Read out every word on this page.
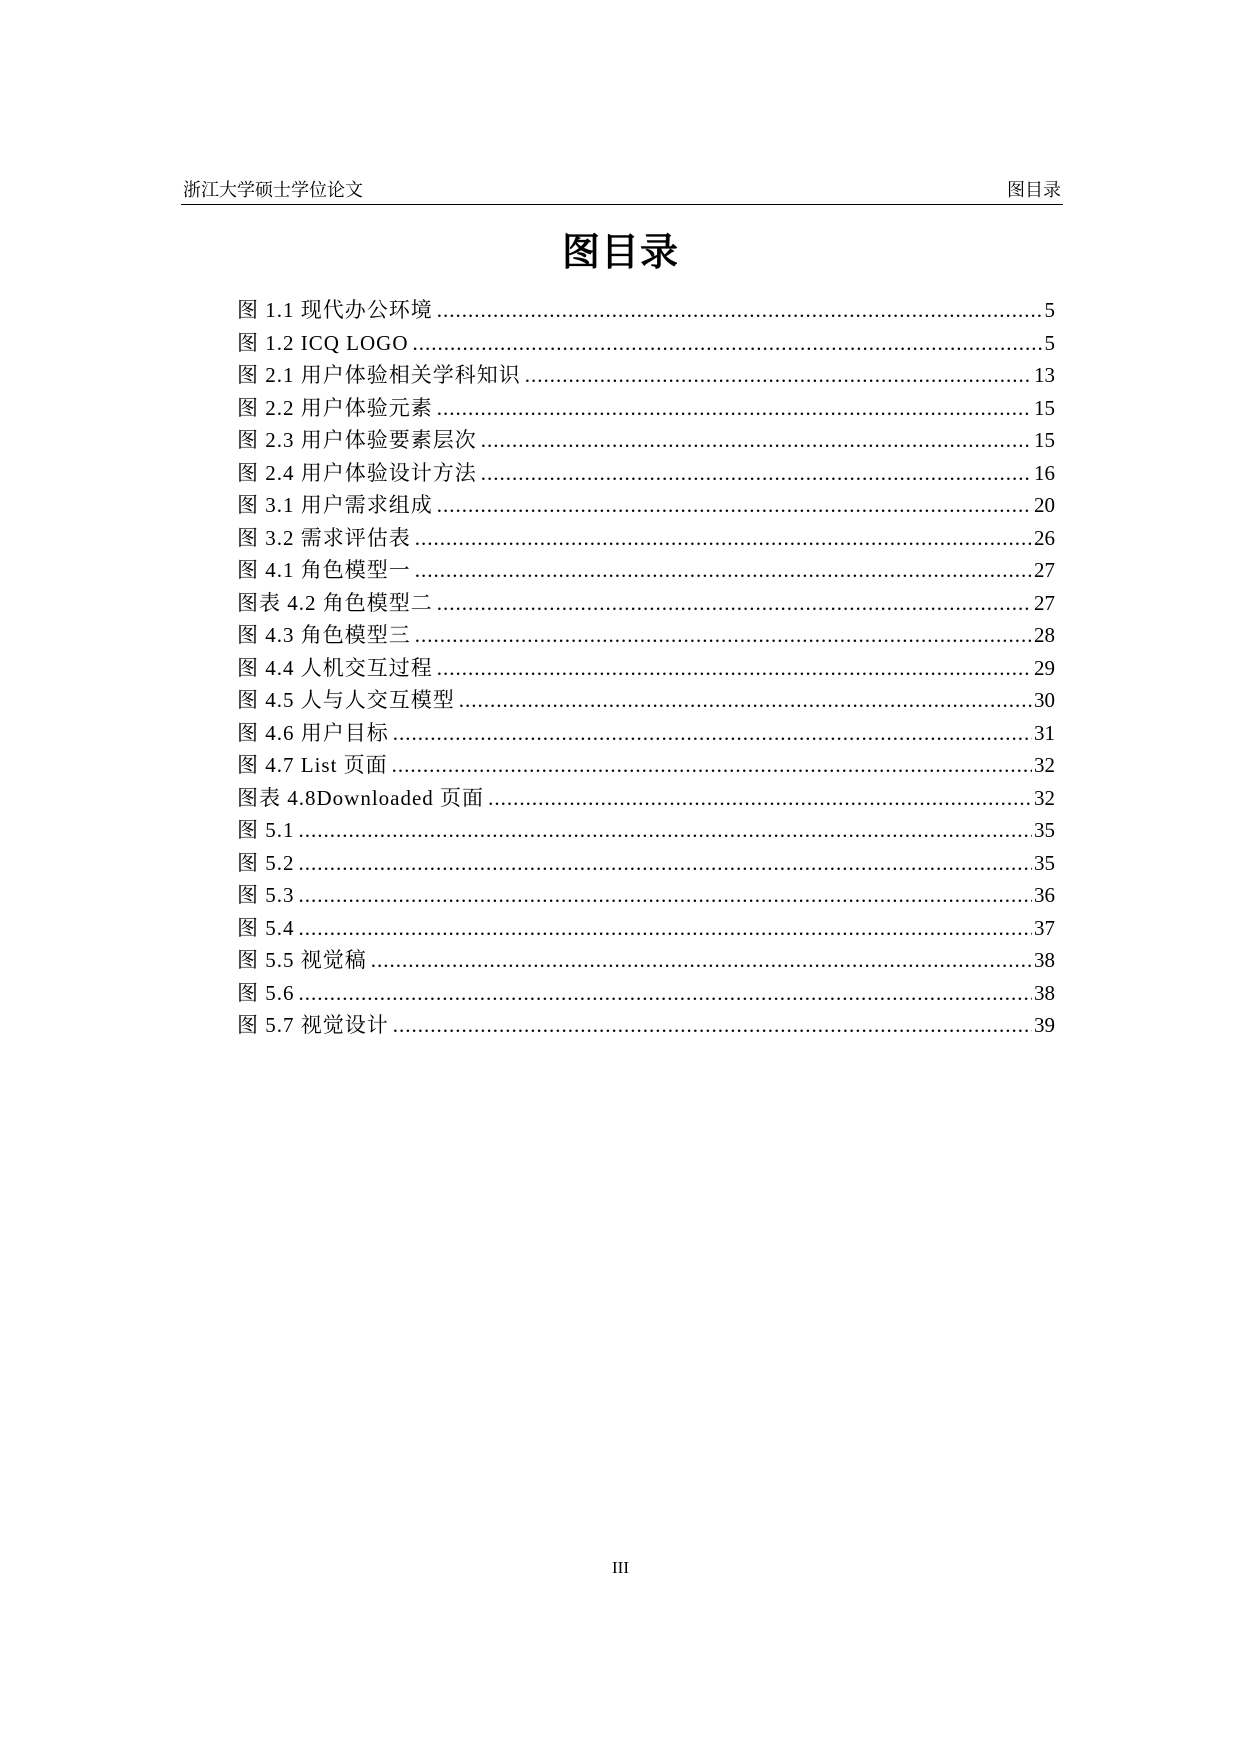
浙江大学硕士学位论文	图目录
图目录
图 1.1 现代办公环境 .....	5
图 1.2 ICQ LOGO .....	5
图 2.1 用户体验相关学科知识 .....	13
图 2.2 用户体验元素 .....	15
图 2.3 用户体验要素层次 .....	15
图 2.4 用户体验设计方法 .....	16
图 3.1 用户需求组成 .....	20
图 3.2 需求评估表 .....	26
图 4.1 角色模型一 .....	27
图表 4.2 角色模型二 .....	27
图 4.3 角色模型三 .....	28
图 4.4 人机交互过程 .....	29
图 4.5 人与人交互模型 .....	30
图 4.6 用户目标 .....	31
图 4.7 List 页面 .....	32
图表 4.8Downloaded 页面 .....	32
图 5.1 .....	35
图 5.2 .....	35
图 5.3 .....	36
图 5.4 .....	37
图 5.5 视觉稿 .....	38
图 5.6 .....	38
图 5.7 视觉设计 .....	39
III
